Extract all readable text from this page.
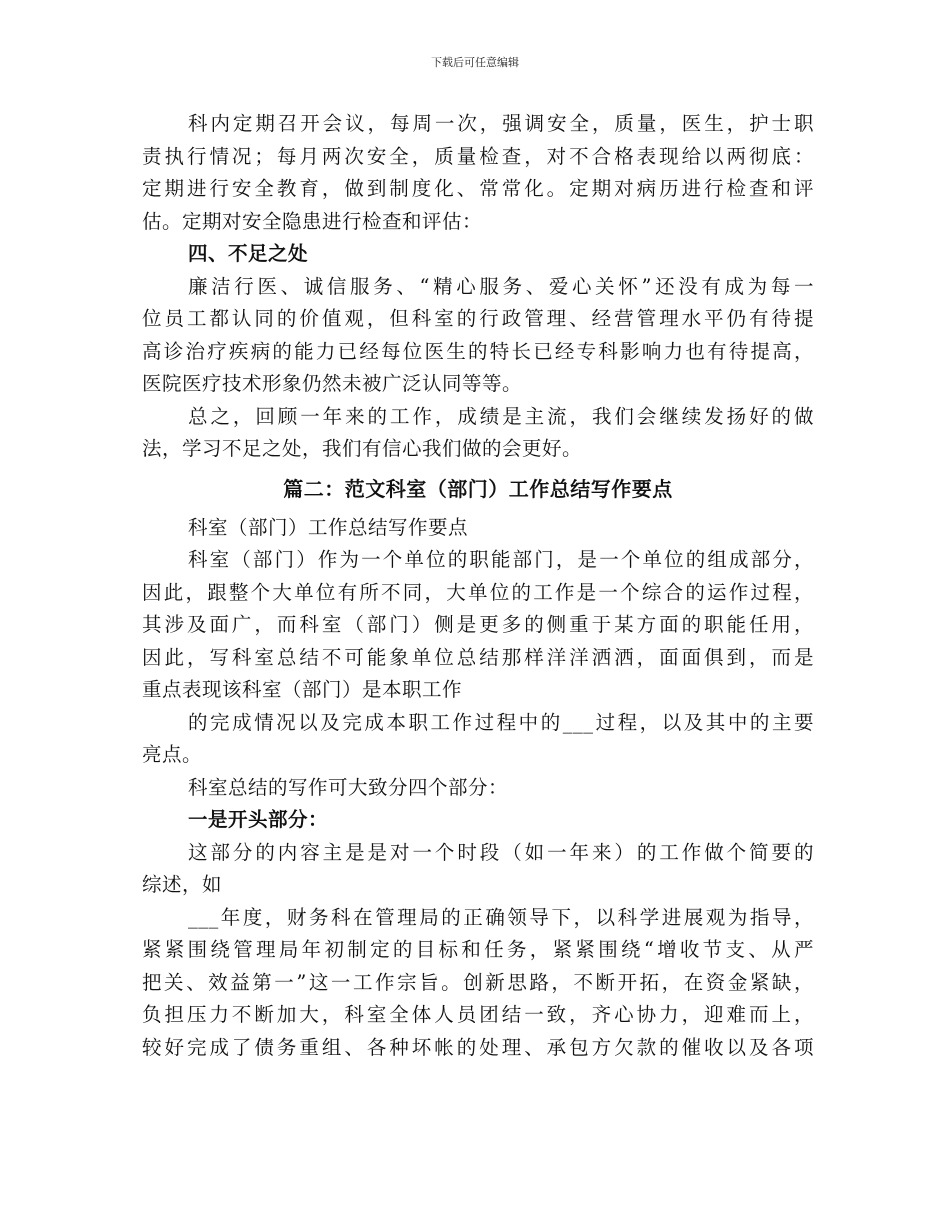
下载后可任意编辑
科内定期召开会议，每周一次，强调安全，质量，医生，护士职
责执行情况；每月两次安全，质量检查，对不合格表现给以两彻底：
定期进行安全教育，做到制度化、常常化。定期对病历进行检查和评
估。定期对安全隐患进行检查和评估：
四、不足之处
廉洁行医、诚信服务、“精心服务、爱心关怀”还没有成为每一
位员工都认同的价值观，但科室的行政管理、经营管理水平仍有待提
高诊治疗疾病的能力已经每位医生的特长已经专科影响力也有待提高，
医院医疗技术形象仍然未被广泛认同等等。
总之，回顾一年来的工作，成绩是主流，我们会继续发扬好的做
法，学习不足之处，我们有信心我们做的会更好。
篇二：范文科室（部门）工作总结写作要点
科室（部门）工作总结写作要点
科室（部门）作为一个单位的职能部门，是一个单位的组成部分，
因此，跟整个大单位有所不同，大单位的工作是一个综合的运作过程，
其涉及面广，而科室（部门）侧是更多的侧重于某方面的职能任用，
因此，写科室总结不可能象单位总结那样洋洋洒洒，面面俱到，而是
重点表现该科室（部门）是本职工作
的完成情况以及完成本职工作过程中的___过程，以及其中的主要
亮点。
科室总结的写作可大致分四个部分：
一是开头部分：
这部分的内容主是是对一个时段（如一年来）的工作做个简要的
综述，如
___年度，财务科在管理局的正确领导下，以科学进展观为指导，
紧紧围绕管理局年初制定的目标和任务，紧紧围绕“增收节支、从严
把关、效益第一”这一工作宗旨。创新思路，不断开拓，在资金紧缺，
负担压力不断加大，科室全体人员团结一致，齐心协力，迎难而上，
较好完成了债务重组、各种坏帐的处理、承包方欠款的催收以及各项
